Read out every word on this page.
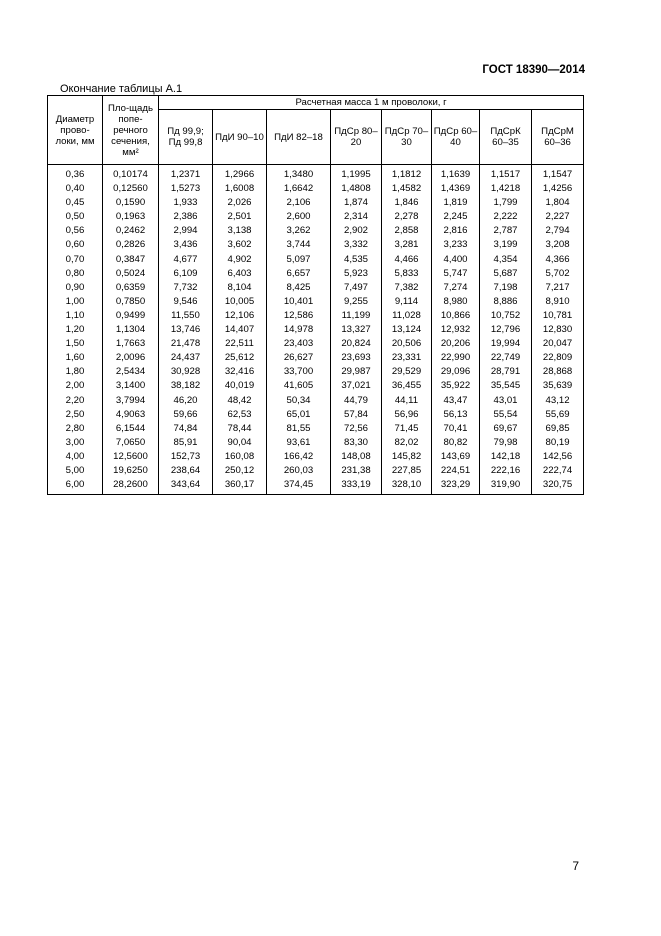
ГОСТ 18390—2014
Окончание таблицы А.1
Диаметр прово-локи, мм	Пло-щадь попе-речного сечения, мм²	Расчетная масса 1 м проволоки, г							
		Пд 99,9; Пд 99,8	ПдИ 90–10	ПдИ 82–18	ПдСр 80–20	ПдСр 70–30	ПдСр 60–40	ПдСрК 60–35	ПдСрМ 60–36
0,36	0,10174	1,2371	1,2966	1,3480	1,1995	1,1812	1,1639	1,1517	1,1547
0,40	0,12560	1,5273	1,6008	1,6642	1,4808	1,4582	1,4369	1,4218	1,4256
0,45	0,1590	1,933	2,026	2,106	1,874	1,846	1,819	1,799	1,804
0,50	0,1963	2,386	2,501	2,600	2,314	2,278	2,245	2,222	2,227
0,56	0,2462	2,994	3,138	3,262	2,902	2,858	2,816	2,787	2,794
0,60	0,2826	3,436	3,602	3,744	3,332	3,281	3,233	3,199	3,208
0,70	0,3847	4,677	4,902	5,097	4,535	4,466	4,400	4,354	4,366
0,80	0,5024	6,109	6,403	6,657	5,923	5,833	5,747	5,687	5,702
0,90	0,6359	7,732	8,104	8,425	7,497	7,382	7,274	7,198	7,217
1,00	0,7850	9,546	10,005	10,401	9,255	9,114	8,980	8,886	8,910
1,10	0,9499	11,550	12,106	12,586	11,199	11,028	10,866	10,752	10,781
1,20	1,1304	13,746	14,407	14,978	13,327	13,124	12,932	12,796	12,830
1,50	1,7663	21,478	22,511	23,403	20,824	20,506	20,206	19,994	20,047
1,60	2,0096	24,437	25,612	26,627	23,693	23,331	22,990	22,749	22,809
1,80	2,5434	30,928	32,416	33,700	29,987	29,529	29,096	28,791	28,868
2,00	3,1400	38,182	40,019	41,605	37,021	36,455	35,922	35,545	35,639
2,20	3,7994	46,20	48,42	50,34	44,79	44,11	43,47	43,01	43,12
2,50	4,9063	59,66	62,53	65,01	57,84	56,96	56,13	55,54	55,69
2,80	6,1544	74,84	78,44	81,55	72,56	71,45	70,41	69,67	69,85
3,00	7,0650	85,91	90,04	93,61	83,30	82,02	80,82	79,98	80,19
4,00	12,5600	152,73	160,08	166,42	148,08	145,82	143,69	142,18	142,56
5,00	19,6250	238,64	250,12	260,03	231,38	227,85	224,51	222,16	222,74
6,00	28,2600	343,64	360,17	374,45	333,19	328,10	323,29	319,90	320,75
7
